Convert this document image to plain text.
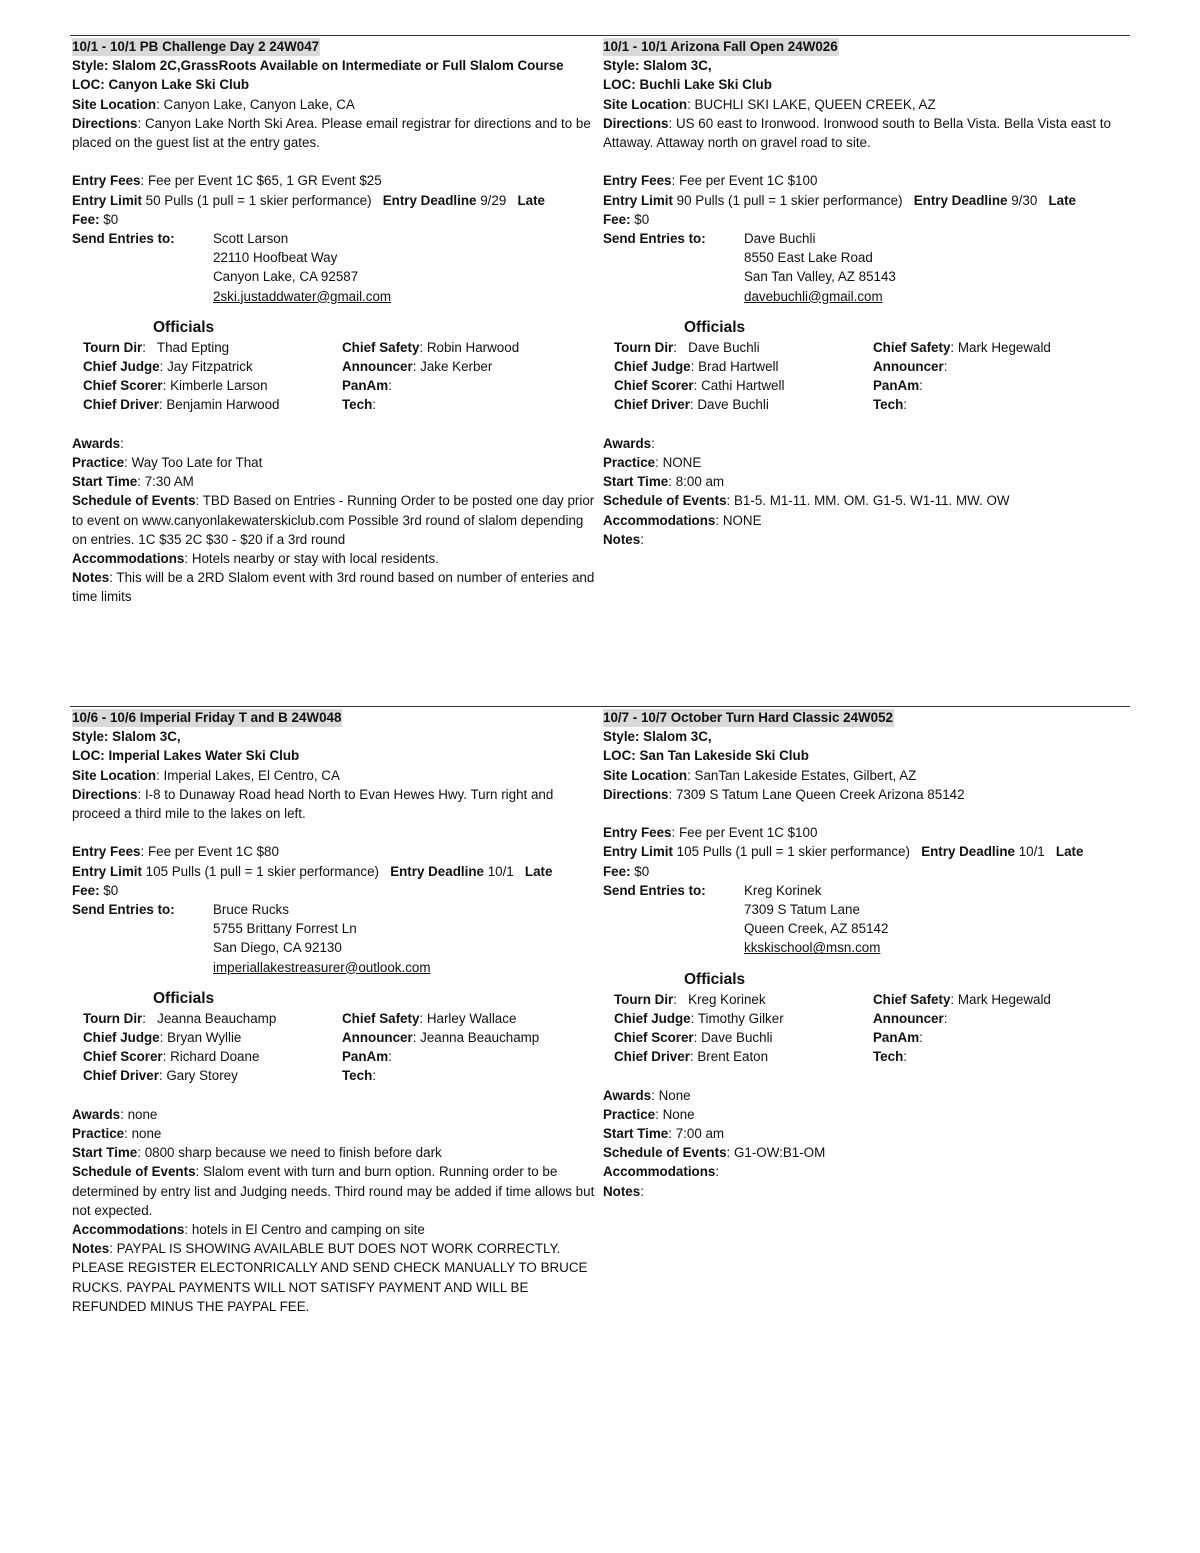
10/1 - 10/1 PB Challenge Day 2 24W047
Style: Slalom 2C,GrassRoots Available on Intermediate or Full Slalom Course
LOC: Canyon Lake Ski Club
Site Location: Canyon Lake, Canyon Lake, CA
Directions: Canyon Lake North Ski Area. Please email registrar for directions and to be placed on the guest list at the entry gates.
Entry Fees: Fee per Event 1C $65, 1 GR Event $25
Entry Limit 50 Pulls (1 pull = 1 skier performance) Entry Deadline 9/29 Late
Fee: $0
Send Entries to:	Scott Larson
22110 Hoofbeat Way
Canyon Lake, CA 92587
2ski.justaddwater@gmail.com
Officials
Tourn Dir:   Thad Epting	Chief Safety: Robin Harwood
Chief Judge: Jay Fitzpatrick	Announcer: Jake Kerber
Chief Scorer: Kimberle Larson	PanAm:
Chief Driver: Benjamin Harwood	Tech:
Awards:
Practice: Way Too Late for That
Start Time: 7:30 AM
Schedule of Events: TBD Based on Entries - Running Order to be posted one day prior to event on www.canyonlakewaterskiclub.com Possible 3rd round of slalom depending on entries. 1C $35 2C $30 - $20 if a 3rd round
Accommodations: Hotels nearby or stay with local residents.
Notes: This will be a 2RD Slalom event with 3rd round based on number of enteries and time limits
10/1 - 10/1 Arizona Fall Open 24W026
Style: Slalom 3C,
LOC: Buchli Lake Ski Club
Site Location: BUCHLI SKI LAKE, QUEEN CREEK, AZ
Directions: US 60 east to Ironwood. Ironwood south to Bella Vista. Bella Vista east to Attaway. Attaway north on gravel road to site.
Entry Fees: Fee per Event 1C $100
Entry Limit 90 Pulls (1 pull = 1 skier performance) Entry Deadline 9/30 Late
Fee: $0
Send Entries to:	Dave Buchli
8550 East Lake Road
San Tan Valley, AZ 85143
davebuchli@gmail.com
Officials
Tourn Dir:   Dave Buchli	Chief Safety: Mark Hegewald
Chief Judge: Brad Hartwell	Announcer:
Chief Scorer: Cathi Hartwell	PanAm:
Chief Driver: Dave Buchli	Tech:
Awards:
Practice: NONE
Start Time: 8:00 am
Schedule of Events: B1-5. M1-11. MM. OM. G1-5. W1-11. MW. OW
Accommodations: NONE
Notes:
10/6 - 10/6 Imperial Friday T and B 24W048
Style: Slalom 3C,
LOC: Imperial Lakes Water Ski Club
Site Location: Imperial Lakes, El Centro, CA
Directions: I-8 to Dunaway Road head North to Evan Hewes Hwy. Turn right and proceed a third mile to the lakes on left.
Entry Fees: Fee per Event 1C $80
Entry Limit 105 Pulls (1 pull = 1 skier performance) Entry Deadline 10/1 Late
Fee: $0
Send Entries to:	Bruce Rucks
5755 Brittany Forrest Ln
San Diego, CA 92130
imperiallakestreasurer@outlook.com
Officials
Tourn Dir:   Jeanna Beauchamp	Chief Safety: Harley Wallace
Chief Judge: Bryan Wyllie	Announcer: Jeanna Beauchamp
Chief Scorer: Richard Doane	PanAm:
Chief Driver: Gary Storey	Tech:
Awards: none
Practice: none
Start Time: 0800 sharp because we need to finish before dark
Schedule of Events: Slalom event with turn and burn option. Running order to be determined by entry list and Judging needs. Third round may be added if time allows but not expected.
Accommodations: hotels in El Centro and camping on site
Notes: PAYPAL IS SHOWING AVAILABLE BUT DOES NOT WORK CORRECTLY. PLEASE REGISTER ELECTONRICALLY AND SEND CHECK MANUALLY TO BRUCE RUCKS. PAYPAL PAYMENTS WILL NOT SATISFY PAYMENT AND WILL BE REFUNDED MINUS THE PAYPAL FEE.
10/7 - 10/7 October Turn Hard Classic 24W052
Style: Slalom 3C,
LOC: San Tan Lakeside Ski Club
Site Location: SanTan Lakeside Estates, Gilbert, AZ
Directions: 7309 S Tatum Lane Queen Creek Arizona 85142
Entry Fees: Fee per Event 1C $100
Entry Limit 105 Pulls (1 pull = 1 skier performance) Entry Deadline 10/1 Late
Fee: $0
Send Entries to:	Kreg Korinek
7309 S Tatum Lane
Queen Creek, AZ 85142
kkskischool@msn.com
Officials
Tourn Dir:   Kreg Korinek	Chief Safety: Mark Hegewald
Chief Judge: Timothy Gilker	Announcer:
Chief Scorer: Dave Buchli	PanAm:
Chief Driver: Brent Eaton	Tech:
Awards: None
Practice: None
Start Time: 7:00 am
Schedule of Events: G1-OW:B1-OM
Accommodations:
Notes:
